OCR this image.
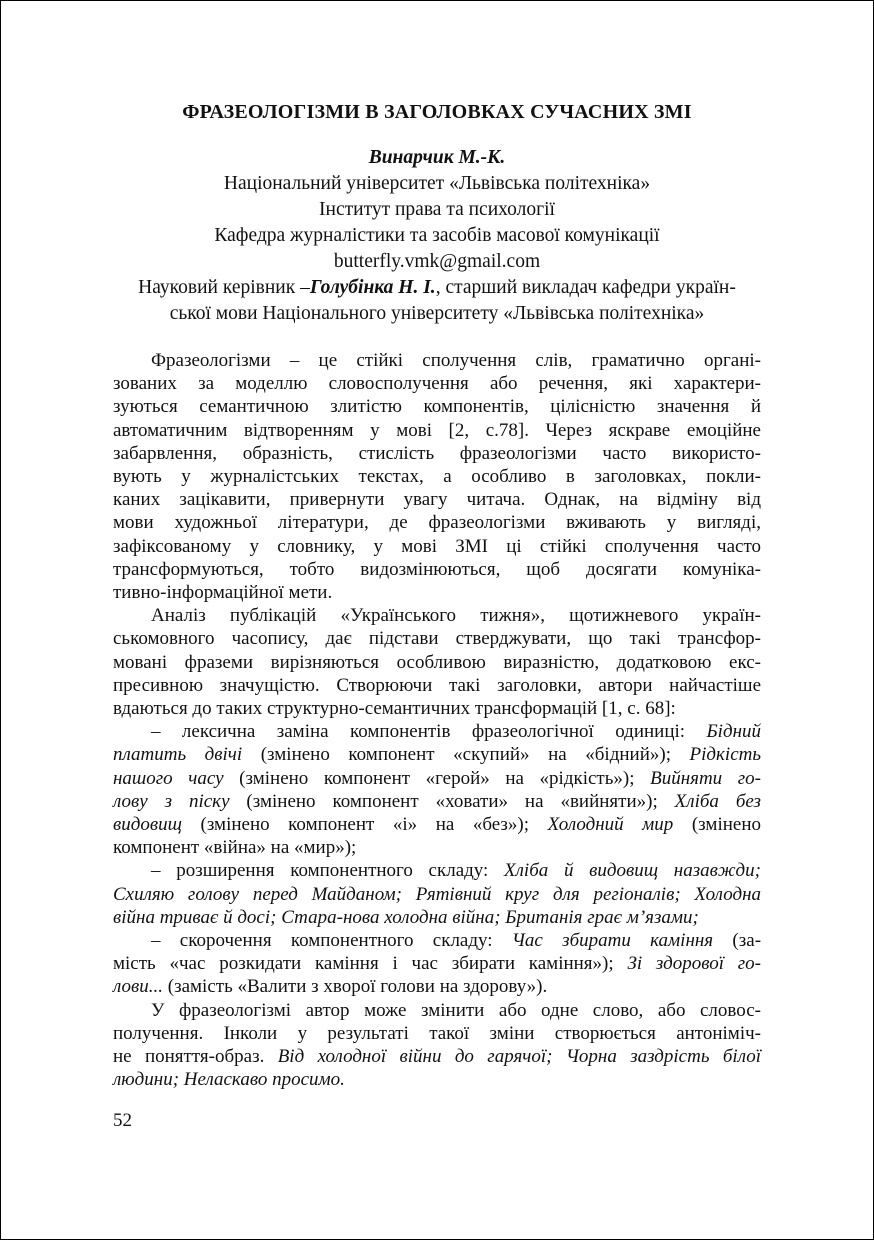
ФРАЗЕОЛОГІЗМИ В ЗАГОЛОВКАХ СУЧАСНИХ ЗМІ
Винарчик М.-К.
Національний університет «Львівська політехніка»
Інститут права та психології
Кафедра журналістики та засобів масової комунікації
butterfly.vmk@gmail.com
Науковий керівник –Голубінка Н. І., старший викладач кафедри україн-
ської мови Національного університету «Львівська політехніка»
Фразеологізми – це стійкі сполучення слів, граматично органі-
зованих за моделлю словосполучення або речення, які характери-
зуються семантичною злитістю компонентів, цілісністю значення й
автоматичним відтворенням у мові [2, с.78]. Через яскраве емоційне
забарвлення, образність, стислість фразеологізми часто використо-
вують у журналістських текстах, а особливо в заголовках, покли-
каних зацікавити, привернути увагу читача. Однак, на відміну від
мови художньої літератури, де фразеологізми вживають у вигляді,
зафіксованому у словнику, у мові ЗМІ ці стійкі сполучення часто
трансформуються, тобто видозмінюються, щоб досягати комуніка-
тивно-інформаційної мети.
Аналіз публікацій «Українського тижня», щотижневого україн-
ськомовного часопису, дає підстави стверджувати, що такі трансфор-
мовані фраземи вирізняються особливою виразністю, додатковою екс-
пресивною значущістю. Створюючи такі заголовки, автори найчастіше
вдаються до таких структурно-семантичних трансформацій [1, с. 68]:
– лексична заміна компонентів фразеологічної одиниці: Бідний
платить двічі (змінено компонент «скупий» на «бідний»); Рідкість
нашого часу (змінено компонент «герой» на «рідкість»); Вийняти го-
лову з піску (змінено компонент «ховати» на «вийняти»); Хліба без
видовищ (змінено компонент «і» на «без»); Холодний мир (змінено
компонент «війна» на «мир»);
– розширення компонентного складу: Хліба й видовищ назавжди;
Схиляю голову перед Майданом; Рятівний круг для регіоналів; Холодна
війна триває й досі; Стара-нова холодна війна; Британія грає м’язами;
– скорочення компонентного складу: Час збирати каміння (за-
мість «час розкидати каміння і час збирати каміння»); Зі здорової го-
лови... (замість «Валити з хворої голови на здорову»).
У фразеологізмі автор може змінити або одне слово, або словос-
получення. Інколи у результаті такої зміни створюється антоніміч-
не поняття-образ. Від холодної війни до гарячої; Чорна заздрість білої
людини; Неласкаво просимо.
52
